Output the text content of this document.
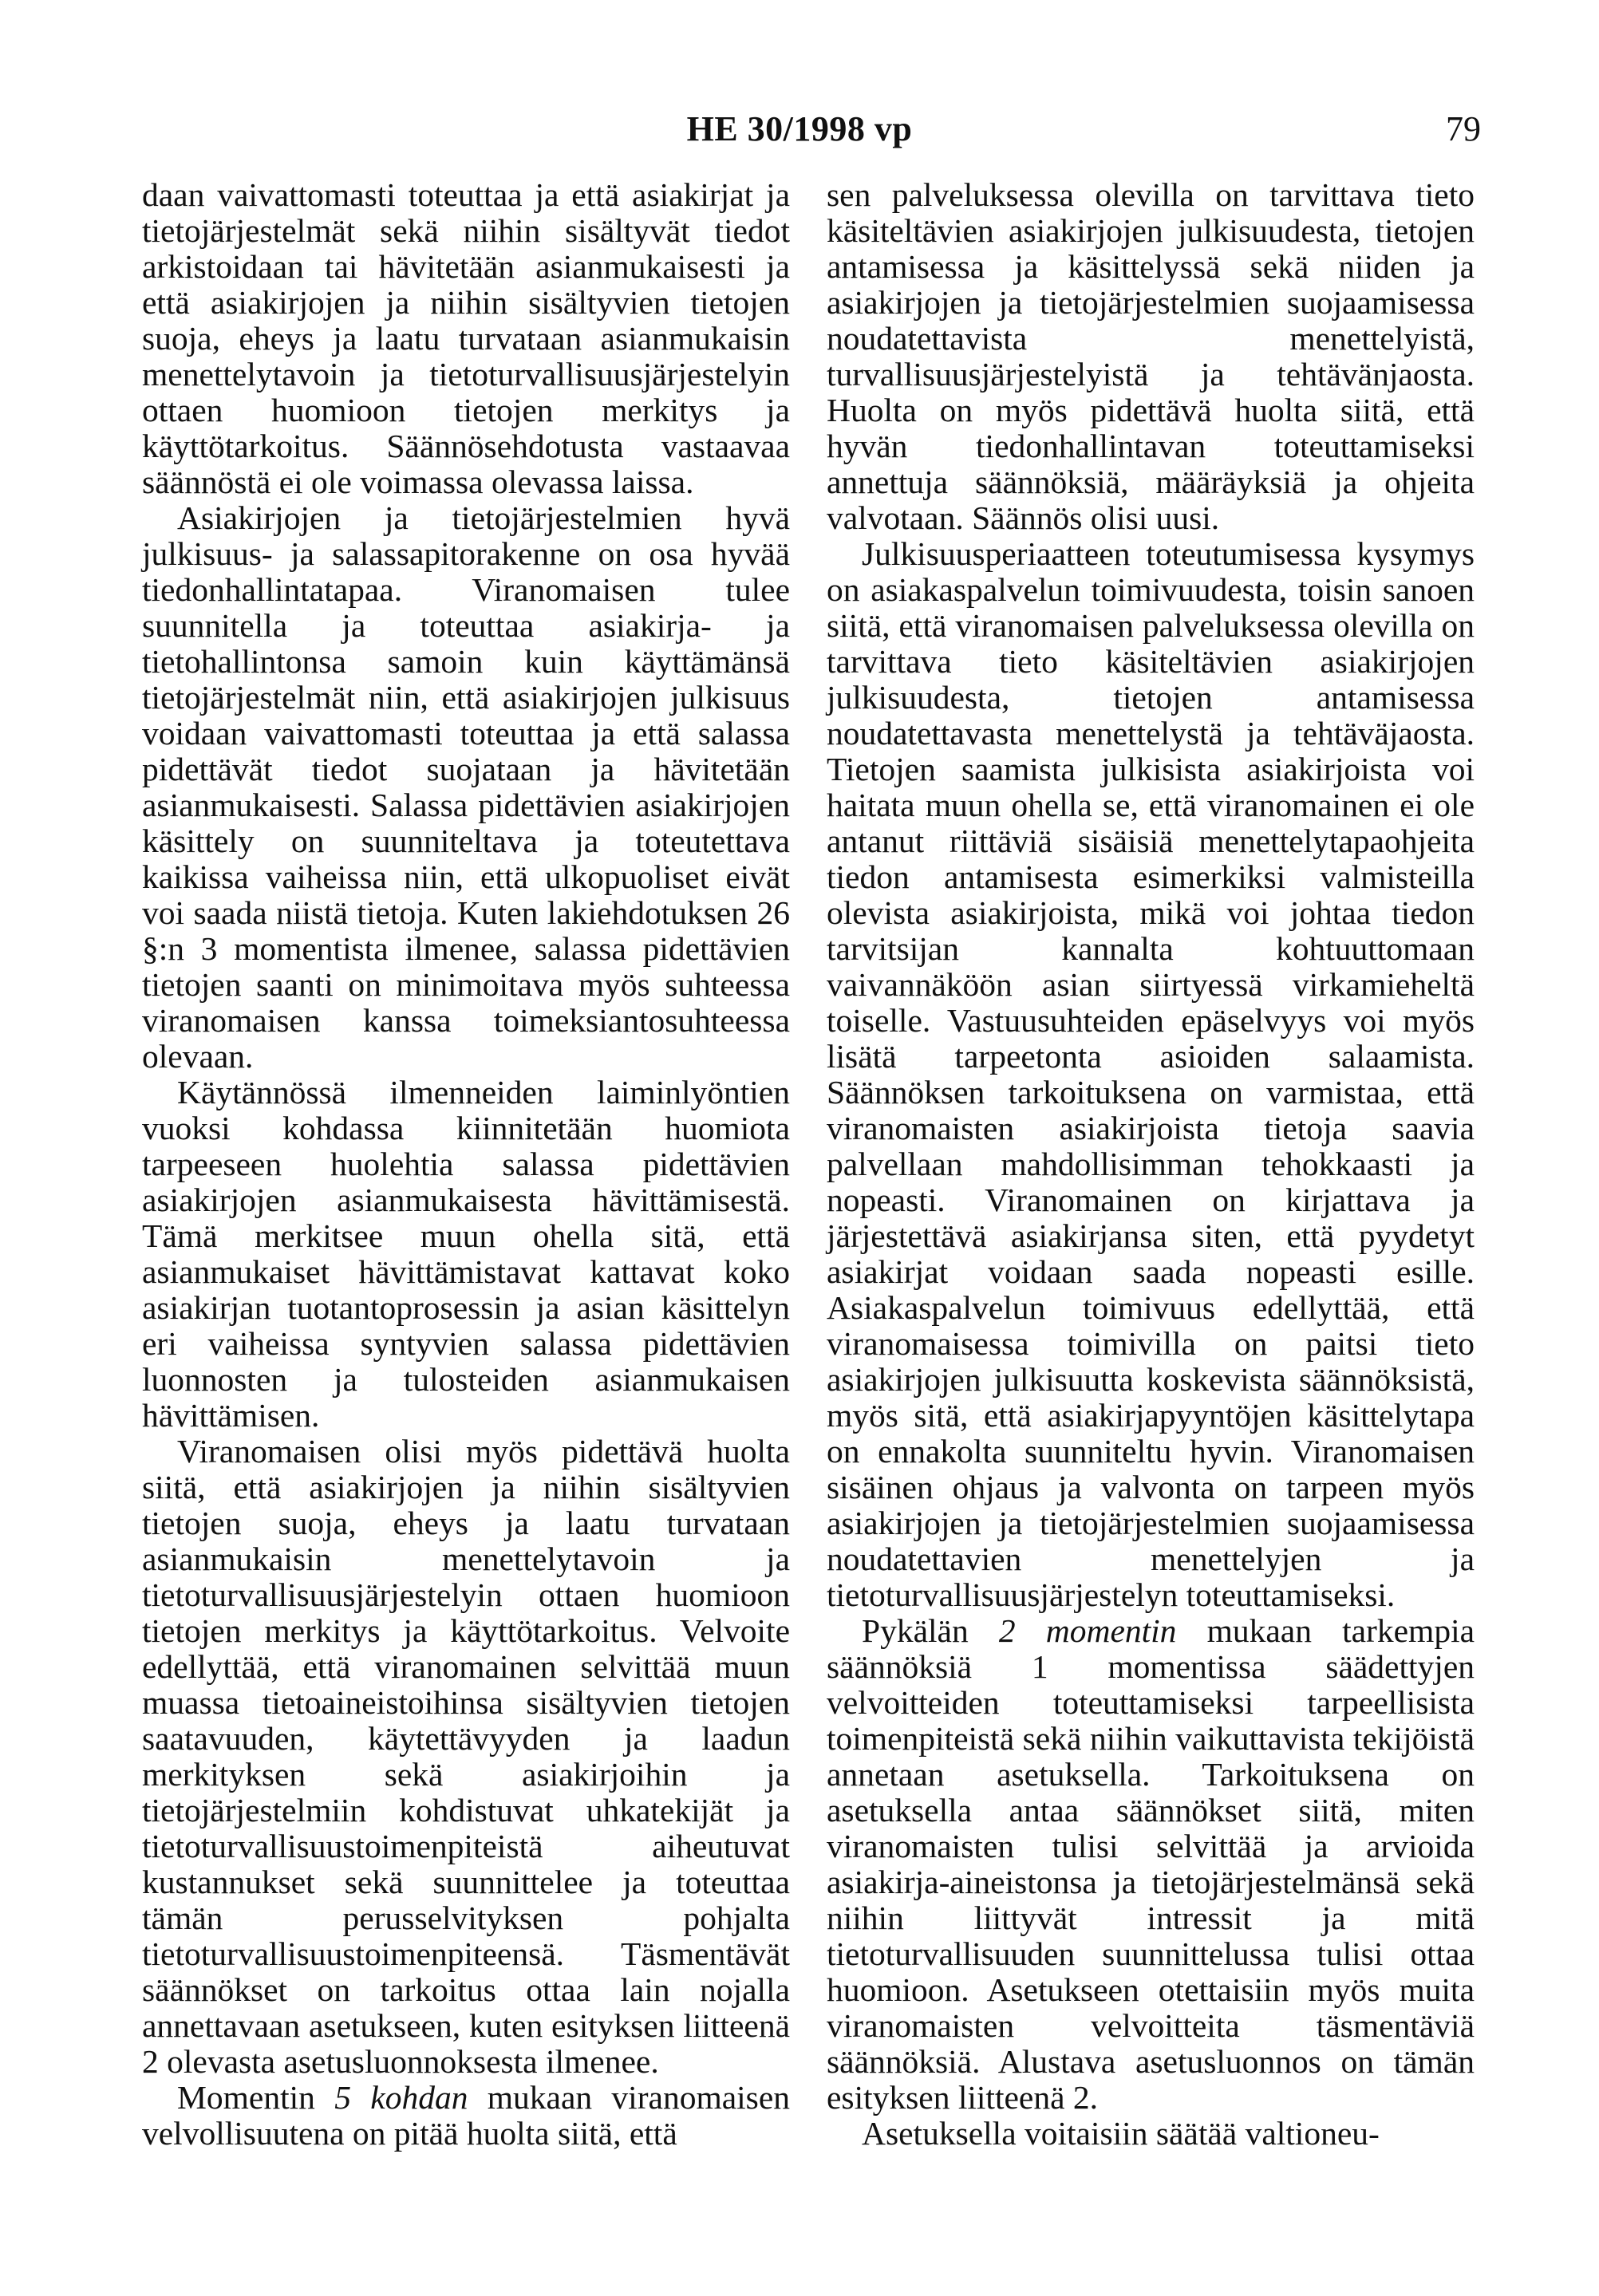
HE 30/1998 vp	79

daan vaivattomasti toteuttaa ja että asiakirjat ja tietojärjestelmät sekä niihin sisältyvät tiedot arkistoidaan tai hävitetään asianmukaisesti ja että asiakirjojen ja niihin sisältyvien tietojen suoja, eheys ja laatu turvataan asianmukaisin menettelytavoin ja tietoturvallisuusjärjestelyin ottaen huomioon tietojen merkitys ja käyttötarkoitus. Säännösehdotusta vastaavaa säännöstä ei ole voimassa olevassa laissa.

Asiakirjojen ja tietojärjestelmien hyvä julkisuus- ja salassapitorakenne on osa hyvää tiedonhallintatapaa. Viranomaisen tulee suunnitella ja toteuttaa asiakirja- ja tietohallintonsa samoin kuin käyttämänsä tietojärjestelmät niin, että asiakirjojen julkisuus voidaan vaivattomasti toteuttaa ja että salassa pidettävät tiedot suojataan ja hävitetään asianmukaisesti. Salassa pidettävien asiakirjojen käsittely on suunniteltava ja toteutettava kaikissa vaiheissa niin, että ulkopuoliset eivät voi saada niistä tietoja. Kuten lakiehdotuksen 26 §:n 3 momentista ilmenee, salassa pidettävien tietojen saanti on minimoitava myös suhteessa viranomaisen kanssa toimeksiantosuhteessa olevaan.

Käytännössä ilmenneiden laiminlyöntien vuoksi kohdassa kiinnitetään huomiota tarpeeseen huolehtia salassa pidettävien asiakirjojen asianmukaisesta hävittämisestä. Tämä merkitsee muun ohella sitä, että asianmukaiset hävittämistavat kattavat koko asiakirjan tuotantoprosessin ja asian käsittelyn eri vaiheissa syntyvien salassa pidettävien luonnosten ja tulosteiden asianmukaisen hävittämisen.

Viranomaisen olisi myös pidettävä huolta siitä, että asiakirjojen ja niihin sisältyvien tietojen suoja, eheys ja laatu turvataan asianmukaisin menettelytavoin ja tietoturvallisuusjärjestelyin ottaen huomioon tietojen merkitys ja käyttötarkoitus. Velvoite edellyttää, että viranomainen selvittää muun muassa tietoaineistoihinsa sisältyvien tietojen saatavuuden, käytettävyyden ja laadun merkityksen sekä asiakirjoihin ja tietojärjestelmiin kohdistuvat uhkatekijät ja tietoturvallisuustoimenpiteistä aiheutuvat kustannukset sekä suunnittelee ja toteuttaa tämän perusselvityksen pohjalta tietoturvallisuustoimenpiteensä. Täsmentävät säännökset on tarkoitus ottaa lain nojalla annettavaan asetukseen, kuten esityksen liitteenä 2 olevasta asetusluonnoksesta ilmenee.

Momentin 5 kohdan mukaan viranomaisen velvollisuutena on pitää huolta siitä, että

sen palveluksessa olevilla on tarvittava tieto käsiteltävien asiakirjojen julkisuudesta, tietojen antamisessa ja käsittelyssä sekä niiden ja asiakirjojen ja tietojärjestelmien suojaamisessa noudatettavista menettelyistä, turvallisuusjärjestelyistä ja tehtävänjaosta. Huolta on myös pidettävä huolta siitä, että hyvän tiedonhallintavan toteuttamiseksi annettuja säännöksiä, määräyksiä ja ohjeita valvotaan. Säännös olisi uusi.

Julkisuusperiaatteen toteutumisessa kysymys on asiakaspalvelun toimivuudesta, toisin sanoen siitä, että viranomaisen palveluksessa olevilla on tarvittava tieto käsiteltävien asiakirjojen julkisuudesta, tietojen antamisessa noudatettavasta menettelystä ja tehtäväjaosta. Tietojen saamista julkisista asiakirjoista voi haitata muun ohella se, että viranomainen ei ole antanut riittäviä sisäisiä menettelytapaohjeita tiedon antamisesta esimerkiksi valmisteilla olevista asiakirjoista, mikä voi johtaa tiedon tarvitsijan kannalta kohtuuttomaan vaivannäköön asian siirtyessä virkamieheltä toiselle. Vastuusuhteiden epäselvyys voi myös lisätä tarpeetonta asioiden salaamista. Säännöksen tarkoituksena on varmistaa, että viranomaisten asiakirjoista tietoja saavia palvellaan mahdollisimman tehokkaasti ja nopeasti. Viranomainen on kirjattava ja järjestettävä asiakirjansa siten, että pyydetyt asiakirjat voidaan saada nopeasti esille. Asiakaspalvelun toimivuus edellyttää, että viranomaisessa toimivilla on paitsi tieto asiakirjojen julkisuutta koskevista säännöksistä, myös sitä, että asiakirjapyyntöjen käsittelytapa on ennakolta suunniteltu hyvin. Viranomaisen sisäinen ohjaus ja valvonta on tarpeen myös asiakirjojen ja tietojärjestelmien suojaamisessa noudatettavien menettelyjen ja tietoturvallisuusjärjestelyn toteuttamiseksi.

Pykälän 2 momentin mukaan tarkempia säännöksiä 1 momentissa säädettyjen velvoitteiden toteuttamiseksi tarpeellisista toimenpiteistä sekä niihin vaikuttavista tekijöistä annetaan asetuksella. Tarkoituksena on asetuksella antaa säännökset siitä, miten viranomaisten tulisi selvittää ja arvioida asiakirja-aineistonsa ja tietojärjestelmänsä sekä niihin liittyvät intressit ja mitä tietoturvallisuuden suunnittelussa tulisi ottaa huomioon. Asetukseen otettaisiin myös muita viranomaisten velvoitteita täsmentäviä säännöksiä. Alustava asetusluonnos on tämän esityksen liitteenä 2.

Asetuksella voitaisiin säätää valtioneu-
